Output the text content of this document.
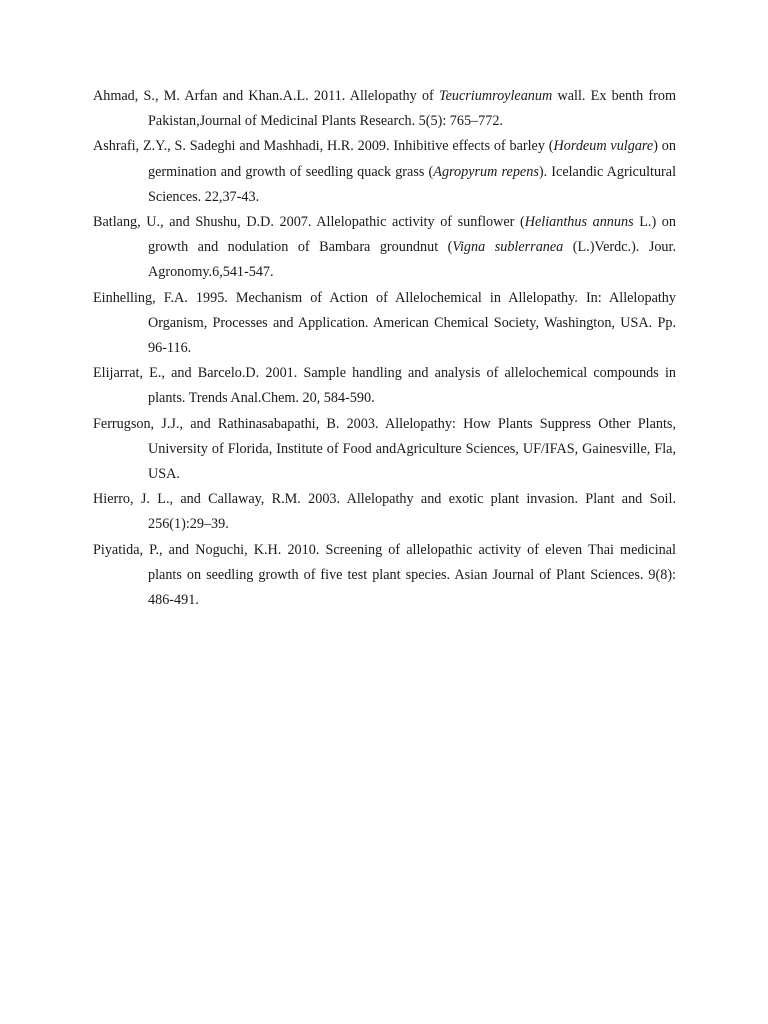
Ahmad, S., M. Arfan and Khan.A.L. 2011. Allelopathy of Teucriumroyleanum wall. Ex benth from Pakistan,Journal of Medicinal Plants Research. 5(5): 765–772.

Ashrafi, Z.Y., S. Sadeghi and Mashhadi, H.R. 2009. Inhibitive effects of barley (Hordeum vulgare) on germination and growth of seedling quack grass (Agropyrum repens). Icelandic Agricultural Sciences. 22,37-43.

Batlang, U., and Shushu, D.D. 2007. Allelopathic activity of sunflower (Helianthus annuns L.) on growth and nodulation of Bambara groundnut (Vigna sublerranea (L.)Verdc.). Jour. Agronomy.6,541-547.

Einhelling, F.A. 1995. Mechanism of Action of Allelochemical in Allelopathy. In: Allelopathy Organism, Processes and Application. American Chemical Society, Washington, USA. Pp. 96-116.

Elijarrat, E., and Barcelo.D. 2001. Sample handling and analysis of allelochemical compounds in plants. Trends Anal.Chem. 20, 584-590.

Ferrugson, J.J., and Rathinasabapathi, B. 2003. Allelopathy: How Plants Suppress Other Plants, University of Florida, Institute of Food andAgriculture Sciences, UF/IFAS, Gainesville, Fla, USA.

Hierro, J. L., and Callaway, R.M. 2003. Allelopathy and exotic plant invasion. Plant and Soil. 256(1):29–39.

Piyatida, P., and Noguchi, K.H. 2010. Screening of allelopathic activity of eleven Thai medicinal plants on seedling growth of five test plant species. Asian Journal of Plant Sciences. 9(8): 486-491.
